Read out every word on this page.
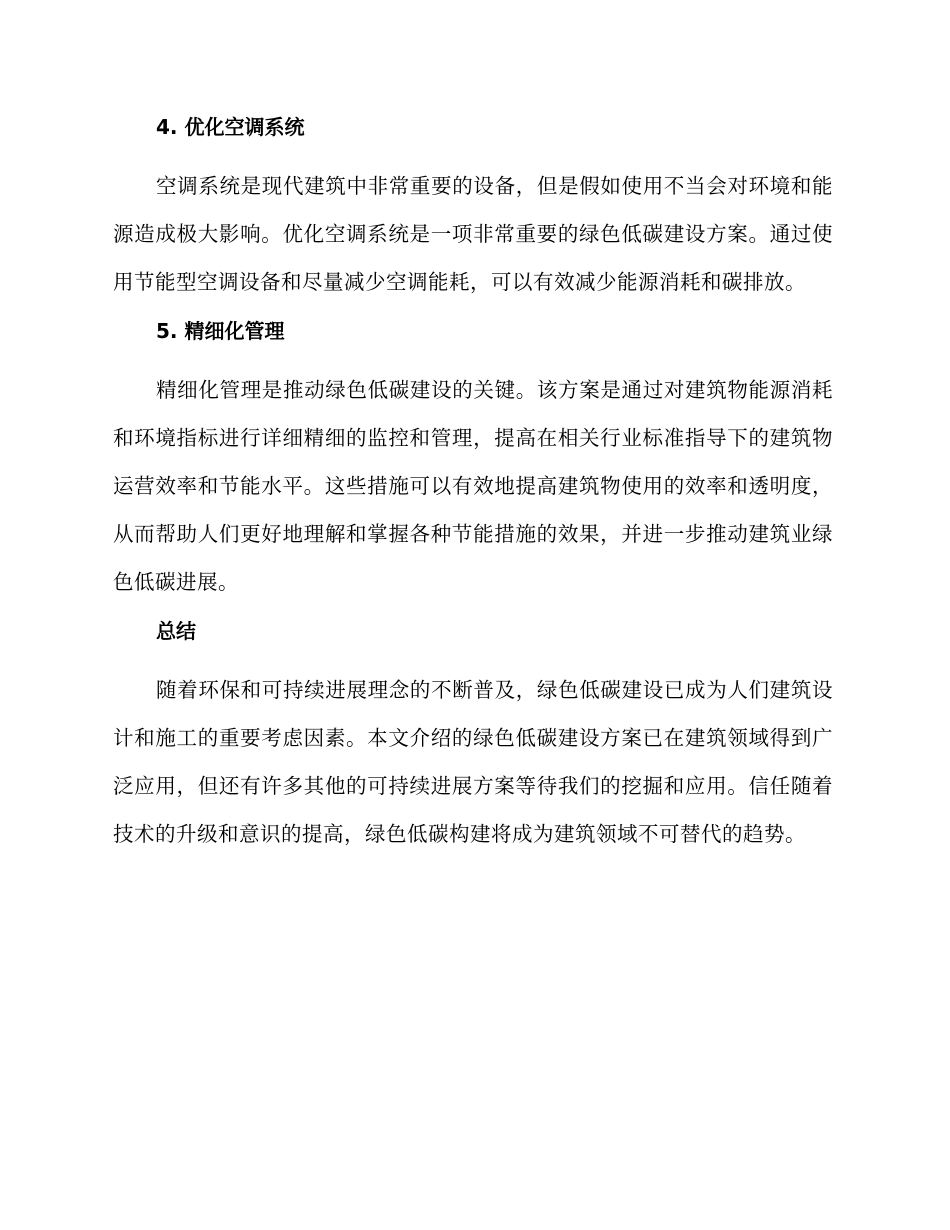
4. 优化空调系统

空调系统是现代建筑中非常重要的设备，但是假如使用不当会对环境和能源造成极大影响。优化空调系统是一项非常重要的绿色低碳建设方案。通过使用节能型空调设备和尽量减少空调能耗，可以有效减少能源消耗和碳排放。

5. 精细化管理

精细化管理是推动绿色低碳建设的关键。该方案是通过对建筑物能源消耗和环境指标进行详细精细的监控和管理，提高在相关行业标准指导下的建筑物运营效率和节能水平。这些措施可以有效地提高建筑物使用的效率和透明度，从而帮助人们更好地理解和掌握各种节能措施的效果，并进一步推动建筑业绿色低碳进展。

总结

随着环保和可持续进展理念的不断普及，绿色低碳建设已成为人们建筑设计和施工的重要考虑因素。本文介绍的绿色低碳建设方案已在建筑领域得到广泛应用，但还有许多其他的可持续进展方案等待我们的挖掘和应用。信任随着技术的升级和意识的提高，绿色低碳构建将成为建筑领域不可替代的趋势。
